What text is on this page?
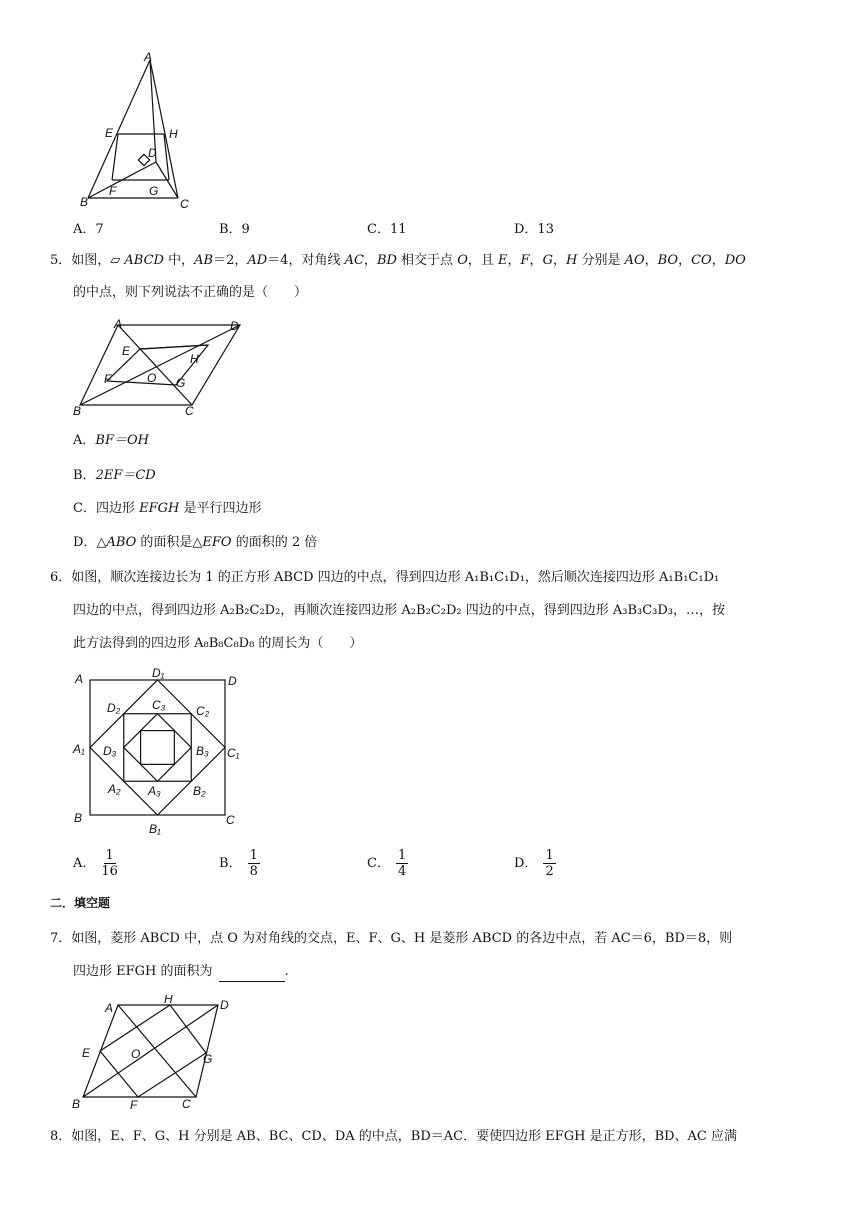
A
E	H
D
B
F	G
C
A．7	B．9	C．11	D．13
5．如图，▱ ABCD 中，AB＝2，AD＝4，对角线 AC，BD 相交于点 O，且 E，F，G，H 分别是 AO，BO，CO，DO
的中点，则下列说法不正确的是（　　）
A	D
E
H
F	O G
B	C
A．BF＝OH
B．2EF＝CD
C．四边形 EFGH 是平行四边形
D．△ABO 的面积是△EFO 的面积的 2 倍
6．如图，顺次连接边长为 1 的正方形 ABCD 四边的中点，得到四边形 A₁B₁C₁D₁，然后顺次连接四边形 A₁B₁C₁D₁
四边的中点，得到四边形 A₂B₂C₂D₂，再顺次连接四边形 A₂B₂C₂D₂ 四边的中点，得到四边形 A₃B₃C₃D₃，…，按
此方法得到的四边形 A₈B₈C₈D₈ 的周长为（　　）
A	D₁
D
D₂	C₃	C₂
A₁ D₃	B₃ C₁
A₂ A₃	B₂
B
B₁
C
A． $\frac{1}{16}$	B． $\frac{1}{8}$	C． $\frac{1}{4}$	D． $\frac{1}{2}$
二．填空题
7．如图，菱形 ABCD 中，点 O 为对角线的交点，E、F、G、H 是菱形 ABCD 的各边中点，若 AC＝6，BD＝8，则
四边形 EFGH 的面积为	.
A
H	D
E	O	G
B	F	C
8．如图，E、F、G、H 分别是 AB、BC、CD、DA 的中点，BD＝AC．要使四边形 EFGH 是正方形，BD、AC 应满
